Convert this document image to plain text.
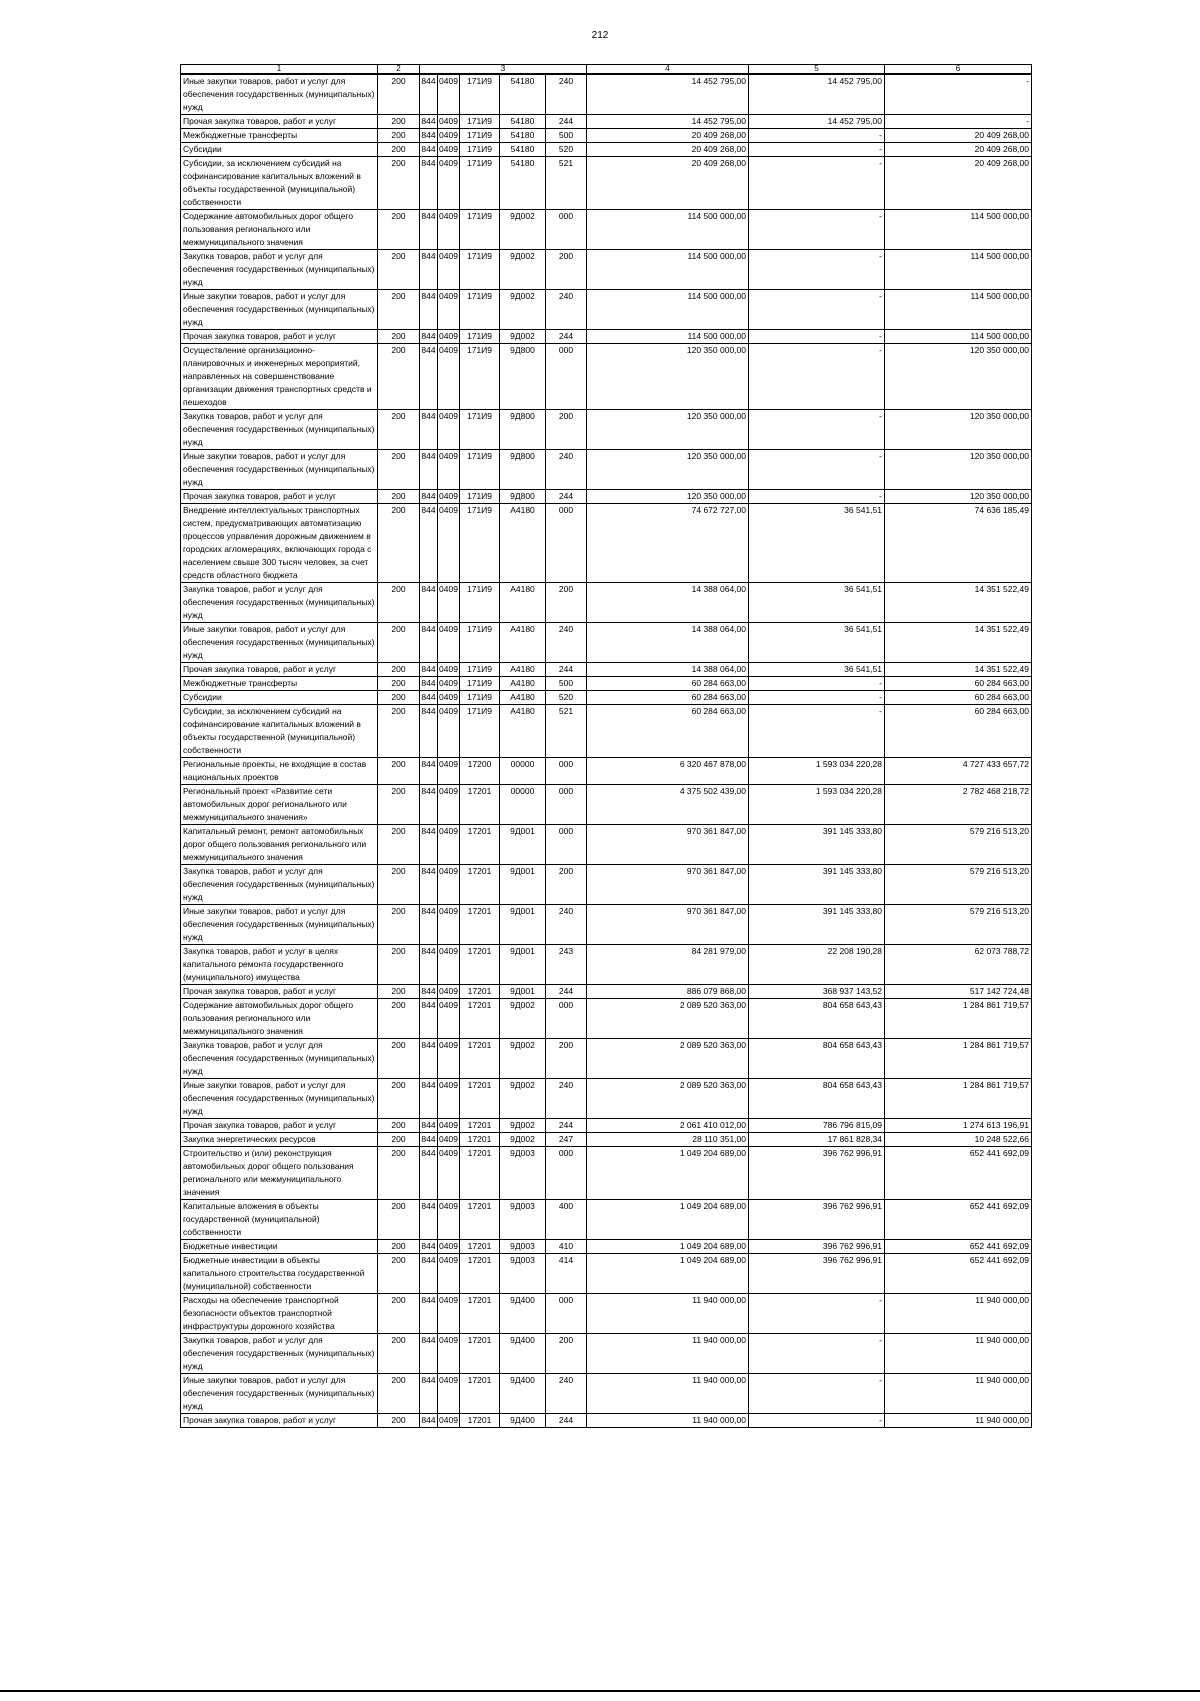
212
1	2	3					4	5	6
Иные закупки товаров, работ и услуг для обеспечения государственных (муниципальных) нужд	200	844	0409	171И9	54180	240	14 452 795,00	14 452 795,00	-
Прочая закупка товаров, работ и услуг	200	844	0409	171И9	54180	244	14 452 795,00	14 452 795,00	-
Межбюджетные трансферты	200	844	0409	171И9	54180	500	20 409 268,00	-	20 409 268,00
Субсидии	200	844	0409	171И9	54180	520	20 409 268,00	-	20 409 268,00
Субсидии, за исключением субсидий на софинансирование капитальных вложений в объекты государственной (муниципальной) собственности	200	844	0409	171И9	54180	521	20 409 268,00	-	20 409 268,00
Содержание автомобильных дорог общего пользования регионального или межмуниципального значения	200	844	0409	171И9	9Д002	000	114 500 000,00	-	114 500 000,00
Закупка товаров, работ и услуг для обеспечения государственных (муниципальных) нужд	200	844	0409	171И9	9Д002	200	114 500 000,00	-	114 500 000,00
Иные закупки товаров, работ и услуг для обеспечения государственных (муниципальных) нужд	200	844	0409	171И9	9Д002	240	114 500 000,00	-	114 500 000,00
Прочая закупка товаров, работ и услуг	200	844	0409	171И9	9Д002	244	114 500 000,00	-	114 500 000,00
Осуществление организационно-планировочных и инженерных мероприятий, направленных на совершенствование организации движения транспортных средств и пешеходов	200	844	0409	171И9	9Д800	000	120 350 000,00	-	120 350 000,00
Закупка товаров, работ и услуг для обеспечения государственных (муниципальных) нужд	200	844	0409	171И9	9Д800	200	120 350 000,00	-	120 350 000,00
Иные закупки товаров, работ и услуг для обеспечения государственных (муниципальных) нужд	200	844	0409	171И9	9Д800	240	120 350 000,00	-	120 350 000,00
Прочая закупка товаров, работ и услуг	200	844	0409	171И9	9Д800	244	120 350 000,00	-	120 350 000,00
Внедрение интеллектуальных транспортных систем, предусматривающих автоматизацию процессов управления дорожным движением в городских агломерациях, включающих города с населением свыше 300 тысяч человек, за счет средств областного бюджета	200	844	0409	171И9	А4180	000	74 672 727,00	36 541,51	74 636 185,49
Закупка товаров, работ и услуг для обеспечения государственных (муниципальных) нужд	200	844	0409	171И9	А4180	200	14 388 064,00	36 541,51	14 351 522,49
Иные закупки товаров, работ и услуг для обеспечения государственных (муниципальных) нужд	200	844	0409	171И9	А4180	240	14 388 064,00	36 541,51	14 351 522,49
Прочая закупка товаров, работ и услуг	200	844	0409	171И9	А4180	244	14 388 064,00	36 541,51	14 351 522,49
Межбюджетные трансферты	200	844	0409	171И9	А4180	500	60 284 663,00	-	60 284 663,00
Субсидии	200	844	0409	171И9	А4180	520	60 284 663,00	-	60 284 663,00
Субсидии, за исключением субсидий на софинансирование капитальных вложений в объекты государственной (муниципальной) собственности	200	844	0409	171И9	А4180	521	60 284 663,00	-	60 284 663,00
Региональные проекты, не входящие в состав национальных проектов	200	844	0409	17200	00000	000	6 320 467 878,00	1 593 034 220,28	4 727 433 657,72
Региональный проект «Развитие сети автомобильных дорог регионального или межмуниципального значения»	200	844	0409	17201	00000	000	4 375 502 439,00	1 593 034 220,28	2 782 468 218,72
Капитальный ремонт, ремонт автомобильных дорог общего пользования регионального или межмуниципального значения	200	844	0409	17201	9Д001	000	970 361 847,00	391 145 333,80	579 216 513,20
Закупка товаров, работ и услуг для обеспечения государственных (муниципальных) нужд	200	844	0409	17201	9Д001	200	970 361 847,00	391 145 333,80	579 216 513,20
Иные закупки товаров, работ и услуг для обеспечения государственных (муниципальных) нужд	200	844	0409	17201	9Д001	240	970 361 847,00	391 145 333,80	579 216 513,20
Закупка товаров, работ и услуг в целях капитального ремонта государственного (муниципального) имущества	200	844	0409	17201	9Д001	243	84 281 979,00	22 208 190,28	62 073 788,72
Прочая закупка товаров, работ и услуг	200	844	0409	17201	9Д001	244	886 079 868,00	368 937 143,52	517 142 724,48
Содержание автомобильных дорог общего пользования регионального или межмуниципального значения	200	844	0409	17201	9Д002	000	2 089 520 363,00	804 658 643,43	1 284 861 719,57
Закупка товаров, работ и услуг для обеспечения государственных (муниципальных) нужд	200	844	0409	17201	9Д002	200	2 089 520 363,00	804 658 643,43	1 284 861 719,57
Иные закупки товаров, работ и услуг для обеспечения государственных (муниципальных) нужд	200	844	0409	17201	9Д002	240	2 089 520 363,00	804 658 643,43	1 284 861 719,57
Прочая закупка товаров, работ и услуг	200	844	0409	17201	9Д002	244	2 061 410 012,00	786 796 815,09	1 274 613 196,91
Закупка энергетических ресурсов	200	844	0409	17201	9Д002	247	28 110 351,00	17 861 828,34	10 248 522,66
Строительство и (или) реконструкция автомобильных дорог общего пользования регионального или межмуниципального значения	200	844	0409	17201	9Д003	000	1 049 204 689,00	396 762 996,91	652 441 692,09
Капитальные вложения в объекты государственной (муниципальной) собственности	200	844	0409	17201	9Д003	400	1 049 204 689,00	396 762 996,91	652 441 692,09
Бюджетные инвестиции	200	844	0409	17201	9Д003	410	1 049 204 689,00	396 762 996,91	652 441 692,09
Бюджетные инвестиции в объекты капитального строительства государственной (муниципальной) собственности	200	844	0409	17201	9Д003	414	1 049 204 689,00	396 762 996,91	652 441 692,09
Расходы на обеспечение транспортной безопасности объектов транспортной инфраструктуры дорожного хозяйства	200	844	0409	17201	9Д400	000	11 940 000,00	-	11 940 000,00
Закупка товаров, работ и услуг для обеспечения государственных (муниципальных) нужд	200	844	0409	17201	9Д400	200	11 940 000,00	-	11 940 000,00
Иные закупки товаров, работ и услуг для обеспечения государственных (муниципальных) нужд	200	844	0409	17201	9Д400	240	11 940 000,00	-	11 940 000,00
Прочая закупка товаров, работ и услуг	200	844	0409	17201	9Д400	244	11 940 000,00	-	11 940 000,00
